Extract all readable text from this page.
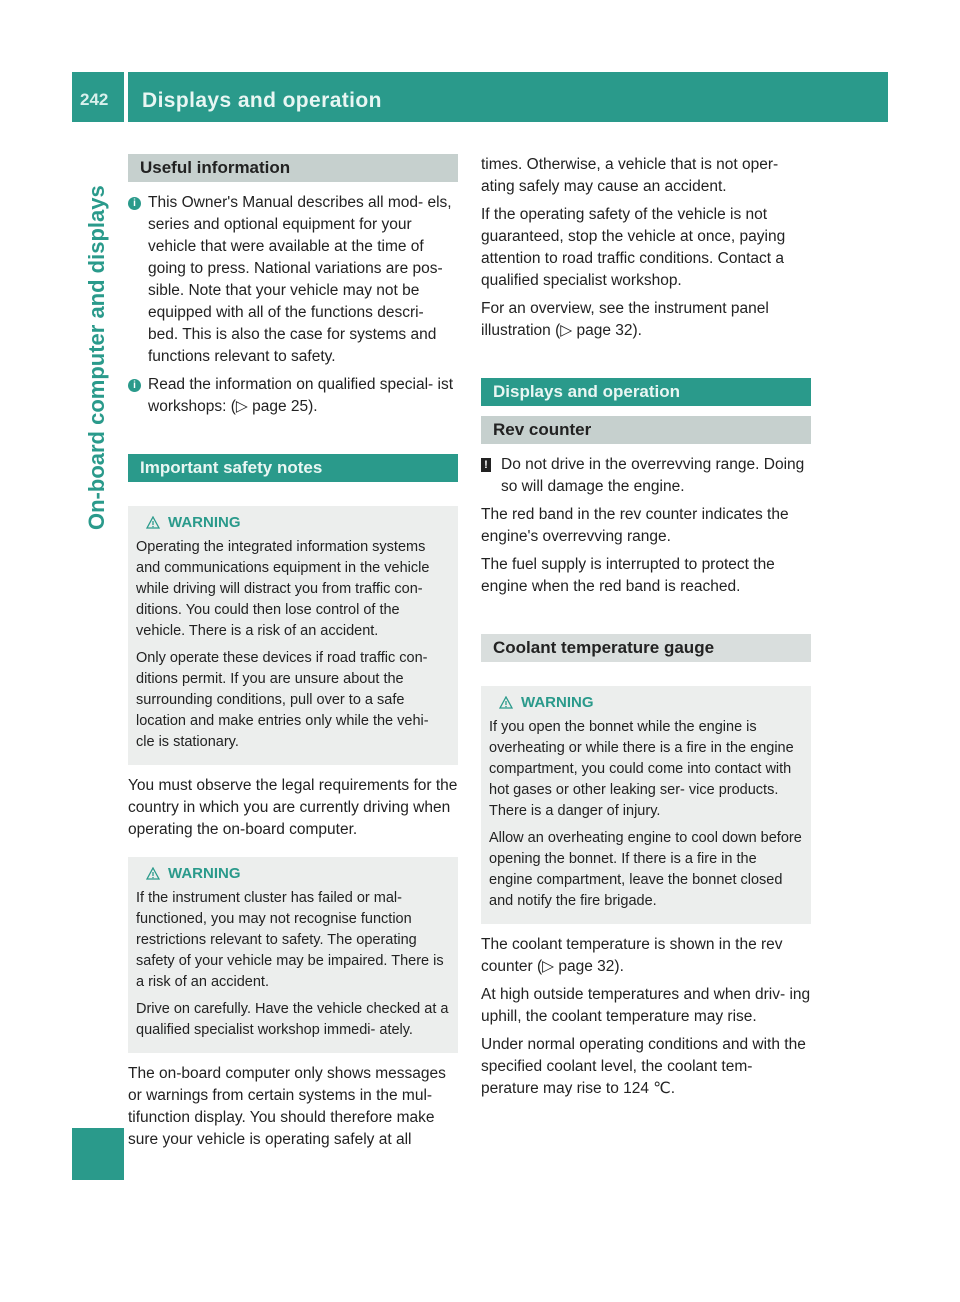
242 Displays and operation
On-board computer and displays
Useful information
i This Owner's Manual describes all mod- els, series and optional equipment for your vehicle that were available at the time of going to press. National variations are pos- sible. Note that your vehicle may not be equipped with all of the functions descri- bed. This is also the case for systems and functions relevant to safety.
i Read the information on qualified special- ist workshops: (▷ page 25).
Important safety notes
WARNING

Operating the integrated information systems and communications equipment in the vehicle while driving will distract you from traffic con- ditions. You could then lose control of the vehicle. There is a risk of an accident.

Only operate these devices if road traffic con- ditions permit. If you are unsure about the surrounding conditions, pull over to a safe location and make entries only while the vehi- cle is stationary.

You must observe the legal requirements for the country in which you are currently driving when operating the on-board computer.

WARNING

If the instrument cluster has failed or mal- functioned, you may not recognise function restrictions relevant to safety. The operating safety of your vehicle may be impaired. There is a risk of an accident.

Drive on carefully. Have the vehicle checked at a qualified specialist workshop immedi- ately.

The on-board computer only shows messages or warnings from certain systems in the mul- tifunction display. You should therefore make sure your vehicle is operating safely at all

times. Otherwise, a vehicle that is not oper- ating safely may cause an accident.

If the operating safety of the vehicle is not guaranteed, stop the vehicle at once, paying attention to road traffic conditions. Contact a qualified specialist workshop.

For an overview, see the instrument panel illustration (▷ page 32).

Displays and operation
Rev counter
! Do not drive in the overrevving range. Doing so will damage the engine.

The red band in the rev counter indicates the engine's overrevving range.

The fuel supply is interrupted to protect the engine when the red band is reached.

Coolant temperature gauge
WARNING

If you open the bonnet while the engine is overheating or while there is a fire in the engine compartment, you could come into contact with hot gases or other leaking ser- vice products. There is a danger of injury.

Allow an overheating engine to cool down before opening the bonnet. If there is a fire in the engine compartment, leave the bonnet closed and notify the fire brigade.

The coolant temperature is shown in the rev counter (▷ page 32).

At high outside temperatures and when driv- ing uphill, the coolant temperature may rise.

Under normal operating conditions and with the specified coolant level, the coolant tem- perature may rise to 124 ℃.
